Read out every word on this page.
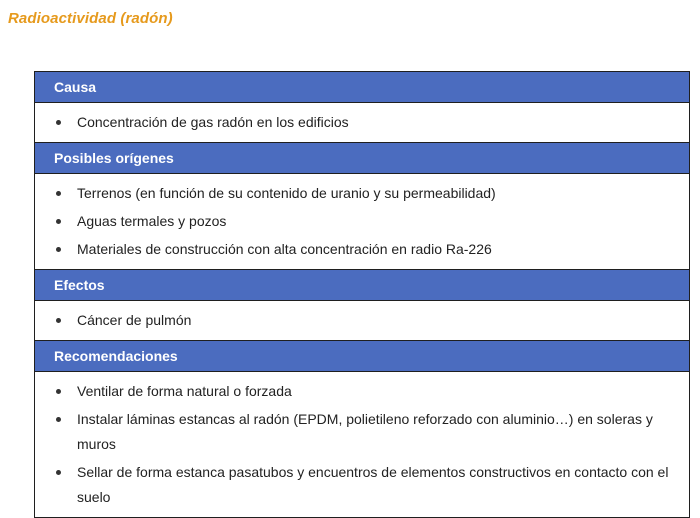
Radioactividad (radón)
Causa
Concentración de gas radón en los edificios
Posibles orígenes
Terrenos (en función de su contenido de uranio y su permeabilidad)
Aguas termales y pozos
Materiales de construcción con alta concentración en radio Ra-226
Efectos
Cáncer de pulmón
Recomendaciones
Ventilar de forma natural o forzada
Instalar láminas estancas al radón (EPDM, polietileno reforzado con aluminio…) en soleras y muros
Sellar de forma estanca pasatubos y encuentros de elementos constructivos en contacto con el suelo
